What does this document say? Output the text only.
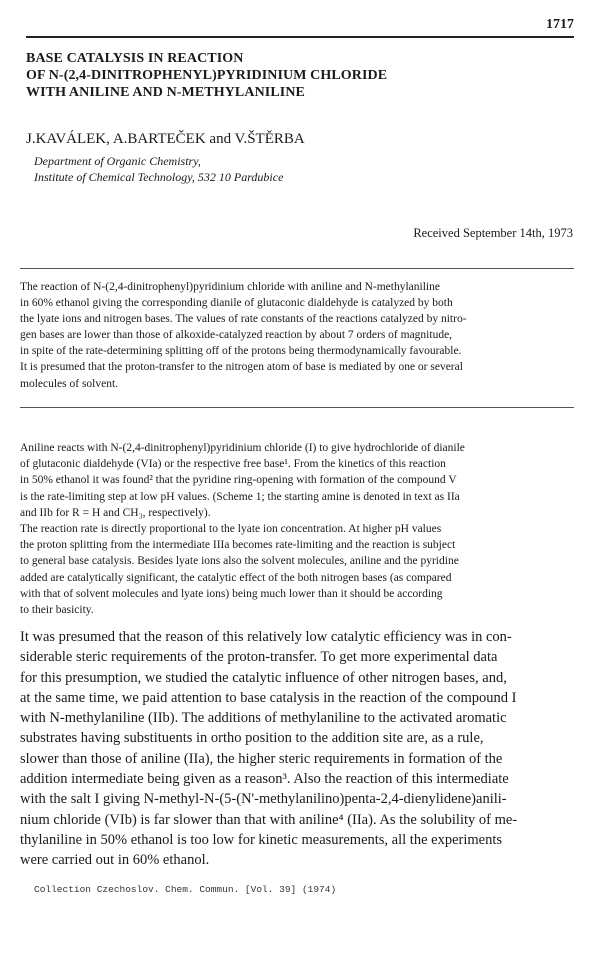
1717
BASE CATALYSIS IN REACTION
OF N-(2,4-DINITROPHENYL)PYRIDINIUM CHLORIDE
WITH ANILINE AND N-METHYLANILINE
J.KAVÁLEK, A.BARTEČEK and V.ŠTĚRBA
Department of Organic Chemistry,
Institute of Chemical Technology, 532 10 Pardubice
Received September 14th, 1973
The reaction of N-(2,4-dinitrophenyl)pyridinium chloride with aniline and N-methylaniline
in 60% ethanol giving the corresponding dianile of glutaconic dialdehyde is catalyzed by both
the lyate ions and nitrogen bases. The values of rate constants of the reactions catalyzed by nitro-
gen bases are lower than those of alkoxide-catalyzed reaction by about 7 orders of magnitude,
in spite of the rate-determining splitting off of the protons being thermodynamically favourable.
It is presumed that the proton-transfer to the nitrogen atom of base is mediated by one or several
molecules of solvent.
Aniline reacts with N-(2,4-dinitrophenyl)pyridinium chloride (I) to give hydrochloride of dianile
of glutaconic dialdehyde (VIa) or the respective free base¹. From the kinetics of this reaction
in 50% ethanol it was found² that the pyridine ring-opening with formation of the compound V
is the rate-limiting step at low pH values. (Scheme 1; the starting amine is denoted in text as IIa
and IIb for R = H and CH₃, respectively).
The reaction rate is directly proportional to the lyate ion concentration. At higher pH values
the proton splitting from the intermediate IIIa becomes rate-limiting and the reaction is subject
to general base catalysis. Besides lyate ions also the solvent molecules, aniline and the pyridine
added are catalytically significant, the catalytic effect of the both nitrogen bases (as compared
with that of solvent molecules and lyate ions) being much lower than it should be according
to their basicity.
It was presumed that the reason of this relatively low catalytic efficiency was in con-
siderable steric requirements of the proton-transfer. To get more experimental data
for this presumption, we studied the catalytic influence of other nitrogen bases, and,
at the same time, we paid attention to base catalysis in the reaction of the compound I
with N-methylaniline (IIb). The additions of methylaniline to the activated aromatic
substrates having substituents in ortho position to the addition site are, as a rule,
slower than those of aniline (IIa), the higher steric requirements in formation of the
addition intermediate being given as a reason³. Also the reaction of this intermediate
with the salt I giving N-methyl-N-(5-(N'-methylanilino)penta-2,4-dienylidene)anili-
nium chloride (VIb) is far slower than that with aniline⁴ (IIa). As the solubility of me-
thylaniline in 50% ethanol is too low for kinetic measurements, all the experiments
were carried out in 60% ethanol.
Collection Czechoslov. Chem. Commun. [Vol. 39] (1974)
